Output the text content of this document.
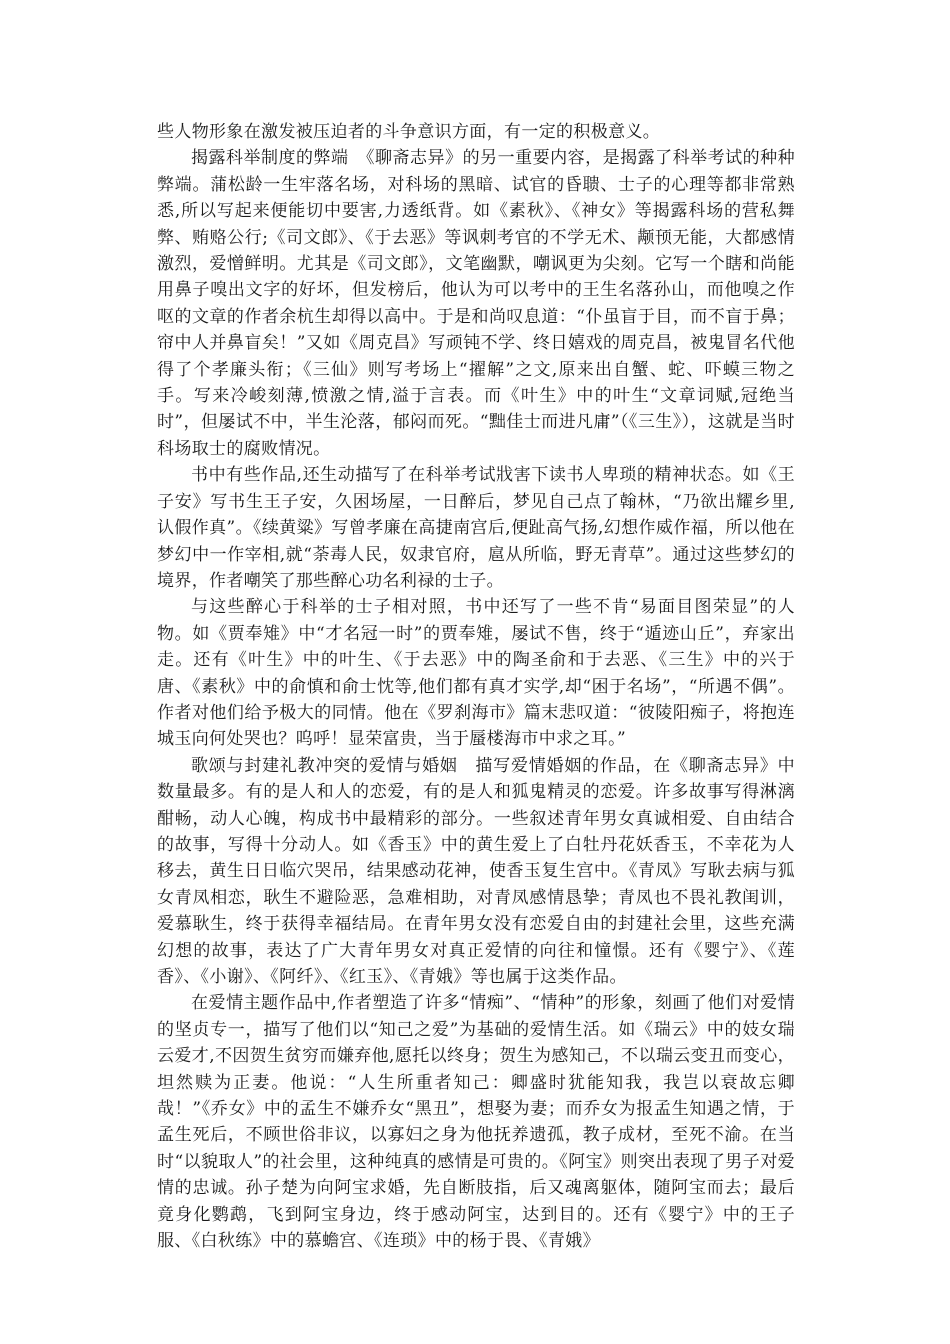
些人物形象在激发被压迫者的斗争意识方面，有一定的积极意义。

揭露科举制度的弊端　《聊斋志异》的另一重要内容，是揭露了科举考试的种种弊端。蒲松龄一生牢落名场，对科场的黑暗、试官的昏聩、士子的心理等都非常熟悉,所以写起来便能切中要害,力透纸背。如《素秋》、《神女》等揭露科场的营私舞弊、贿赂公行;《司文郎》、《于去恶》等讽刺考官的不学无术、颟顸无能，大都感情激烈，爱憎鲜明。尤其是《司文郎》，文笔幽默，嘲讽更为尖刻。它写一个瞎和尚能用鼻子嗅出文字的好坏，但发榜后，他认为可以考中的王生名落孙山，而他嗅之作呕的文章的作者余杭生却得以高中。于是和尚叹息道：“仆虽盲于目，而不盲于鼻；帘中人并鼻盲矣！”又如《周克昌》写顽钝不学、终日嬉戏的周克昌，被鬼冒名代他得了个孝廉头衔；《三仙》则写考场上“擢解”之文,原来出自蟹、蛇、吓蟆三物之手。写来冷峻刻薄,愤激之情,溢于言表。而《叶生》中的叶生“文章词赋,冠绝当时”，但屡试不中，半生沦落，郁闷而死。“黜佳士而进凡庸”（《三生》），这就是当时科场取士的腐败情况。

书中有些作品,还生动描写了在科举考试戕害下读书人卑琐的精神状态。如《王子安》写书生王子安，久困场屋，一日醉后，梦见自己点了翰林，“乃欲出耀乡里,认假作真”。《续黄粱》写曾孝廉在高捷南宫后,便趾高气扬,幻想作威作福，所以他在梦幻中一作宰相,就“荼毒人民，奴隶官府，扈从所临，野无青草”。通过这些梦幻的境界，作者嘲笑了那些醉心功名利禄的士子。

与这些醉心于科举的士子相对照，书中还写了一些不肯“易面目图荣显”的人物。如《贾奉雉》中“才名冠一时”的贾奉雉，屡试不售，终于“遁迹山丘”，弃家出走。还有《叶生》中的叶生、《于去恶》中的陶圣俞和于去恶、《三生》中的兴于唐、《素秋》中的俞慎和俞士忱等,他们都有真才实学,却“困于名场”，“所遇不偶”。作者对他们给予极大的同情。他在《罗刹海市》篇末悲叹道：“彼陵阳痴子，将抱连城玉向何处哭也？呜呼！显荣富贵，当于蜃楼海市中求之耳。”

歌颂与封建礼教冲突的爱情与婚姻　描写爱情婚姻的作品，在《聊斋志异》中数量最多。有的是人和人的恋爱，有的是人和狐鬼精灵的恋爱。许多故事写得淋漓酣畅，动人心魄，构成书中最精彩的部分。一些叙述青年男女真诚相爱、自由结合的故事，写得十分动人。如《香玉》中的黄生爱上了白牡丹花妖香玉，不幸花为人移去，黄生日日临穴哭吊，结果感动花神，使香玉复生宫中。《青凤》写耿去病与狐女青凤相恋，耿生不避险恶，急难相助，对青凤感情恳挚；青凤也不畏礼教闺训，爱慕耿生，终于获得幸福结局。在青年男女没有恋爱自由的封建社会里，这些充满幻想的故事，表达了广大青年男女对真正爱情的向往和憧憬。还有《婴宁》、《莲香》、《小谢》、《阿纤》、《红玉》、《青娥》等也属于这类作品。

在爱情主题作品中,作者塑造了许多“情痴”、“情种”的形象，刻画了他们对爱情的坚贞专一，描写了他们以“知己之爱”为基础的爱情生活。如《瑞云》中的妓女瑞云爱才,不因贺生贫穷而嫌弃他,愿托以终身；贺生为感知己，不以瑞云变丑而变心，坦然赎为正妻。他说：“人生所重者知己：卿盛时犹能知我，我岂以衰故忘卿哉！”《乔女》中的孟生不嫌乔女“黑丑”，想娶为妻；而乔女为报孟生知遇之情，于孟生死后，不顾世俗非议，以寡妇之身为他抚养遗孤，教子成材，至死不渝。在当时“以貌取人”的社会里，这种纯真的感情是可贵的。《阿宝》则突出表现了男子对爱情的忠诚。孙子楚为向阿宝求婚，先自断肢指，后又魂离躯体，随阿宝而去；最后竟身化鹦鹉，飞到阿宝身边，终于感动阿宝，达到目的。还有《婴宁》中的王子服、《白秋练》中的慕蟾宫、《连琐》中的杨于畏、《青娥》
